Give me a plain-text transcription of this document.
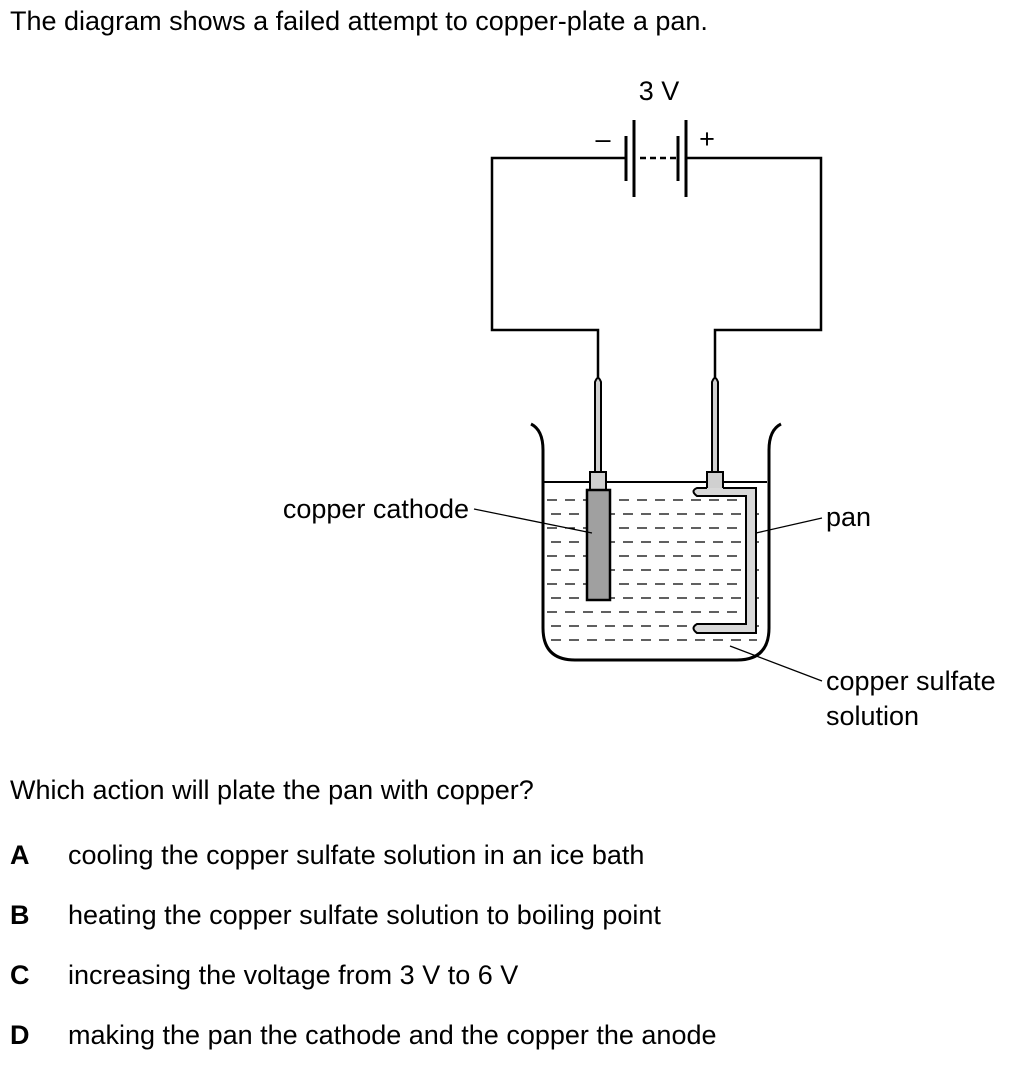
The diagram shows a failed attempt to copper-plate a pan.

3 V
–	+
copper cathode	pan
copper sulfate
solution

Which action will plate the pan with copper?

A cooling the copper sulfate solution in an ice bath
B heating the copper sulfate solution to boiling point
C increasing the voltage from 3 V to 6 V
D making the pan the cathode and the copper the anode
